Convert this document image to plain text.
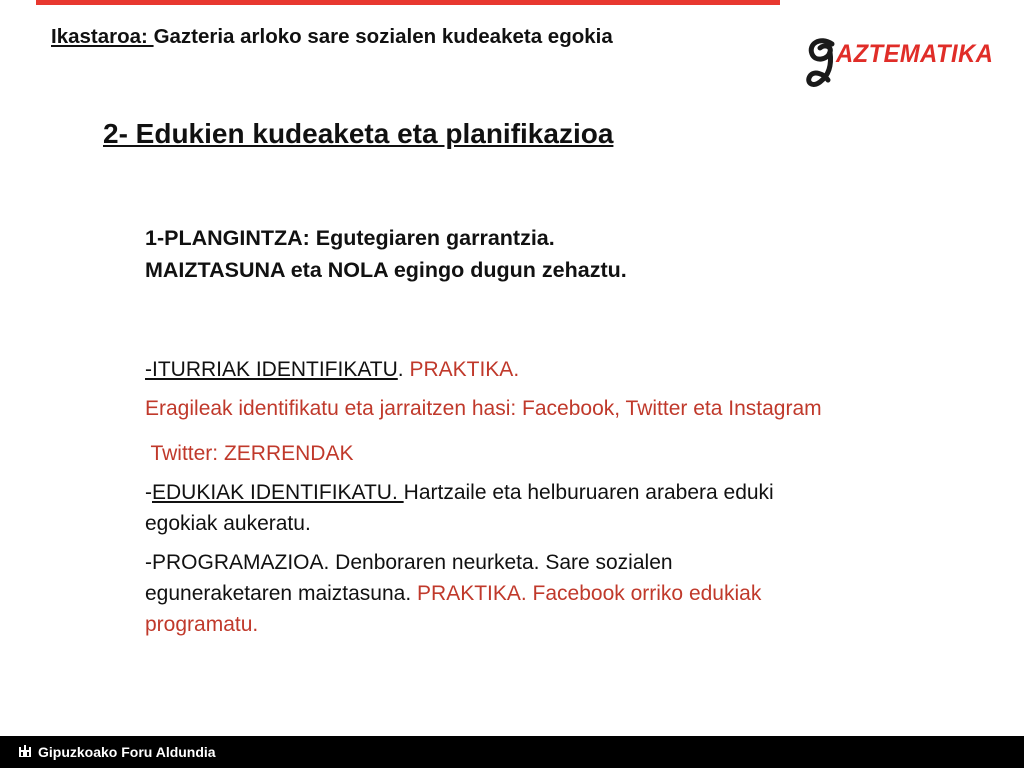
Ikastaroa: Gazteria arloko sare sozialen kudeaketa egokia
AZTEMATIKA
2- Edukien kudeaketa eta planifikazioa
1-PLANGINTZA: Egutegiaren garrantzia.
MAIZTASUNA eta NOLA egingo dugun zehaztu.

-ITURRIAK IDENTIFIKATU. PRAKTIKA.

Eragileak identifikatu eta jarraitzen hasi: Facebook, Twitter eta Instagram

Twitter: ZERRENDAK

-EDUKIAK IDENTIFIKATU. Hartzaile eta helburuaren arabera eduki egokiak aukeratu.

-PROGRAMAZIOA. Denboraren neurketa. Sare sozialen eguneraketaren maiztasuna. PRAKTIKA. Facebook orriko edukiak programatu.

Gipuzkoako Foru Aldundia
